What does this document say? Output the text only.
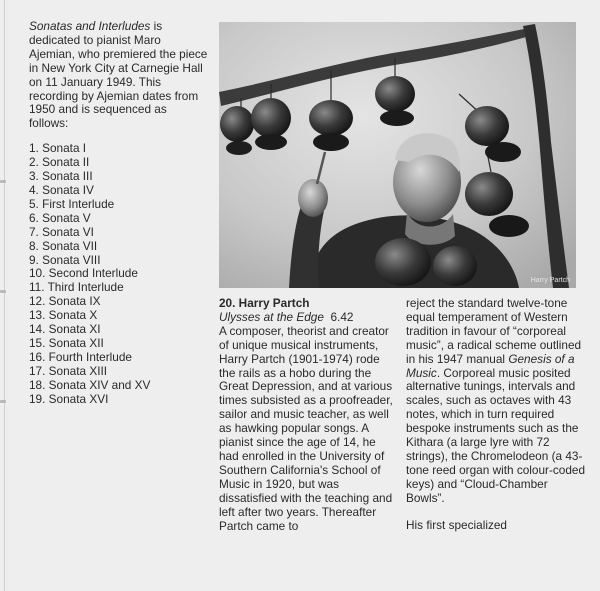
Sonatas and Interludes is dedicated to pianist Maro Ajemian, who premiered the piece in New York City at Carnegie Hall on 11 January 1949. This recording by Ajemian dates from 1950 and is sequenced as follows:

1. Sonata I
2. Sonata II
3. Sonata III
4. Sonata IV
5. First Interlude
6. Sonata V
7. Sonata VI
8. Sonata VII
9. Sonata VIII
10. Second Interlude
11. Third Interlude
12. Sonata IX
13. Sonata X
14. Sonata XI
15. Sonata XII
16. Fourth Interlude
17. Sonata XIII
18. Sonata XIV and XV
19. Sonata XVI
Harry Partch
20. Harry Partch
Ulysses at the Edge 6.42

A composer, theorist and creator of unique musical instruments, Harry Partch (1901-1974) rode the rails as a hobo during the Great Depression, and at various times subsisted as a proofreader, sailor and music teacher, as well as hawking popular songs. A pianist since the age of 14, he had enrolled in the University of Southern California's School of Music in 1920, but was dissatisfied with the teaching and left after two years. Thereafter Partch came to

reject the standard twelve-tone equal temperament of Western tradition in favour of “corporeal music”, a radical scheme outlined in his 1947 manual Genesis of a Music. Corporeal music posited alternative tunings, intervals and scales, such as octaves with 43 notes, which in turn required bespoke instruments such as the Kithara (a large lyre with 72 strings), the Chromelodeon (a 43-tone reed organ with colour-coded keys) and “Cloud-Chamber Bowls”.

His first specialized
